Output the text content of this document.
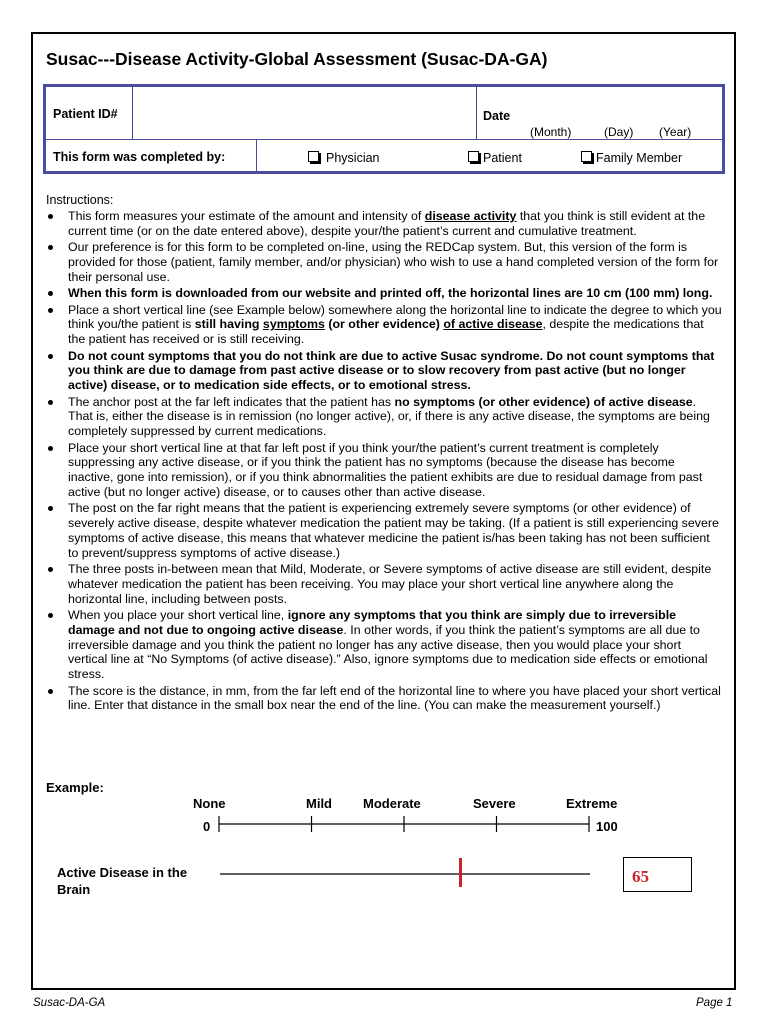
Susac---Disease Activity-Global Assessment (Susac-DA-GA)
Patient ID#	Date
(Month)	(Day) (Year)
This form was completed by:	Physician	Patient	Family Member
Instructions:
This form measures your estimate of the amount and intensity of disease activity that you think is still evident at the current time (or on the date entered above), despite your/the patient’s current and cumulative treatment.
Our preference is for this form to be completed on-line, using the REDCap system. But, this version of the form is provided for those (patient, family member, and/or physician) who wish to use a hand completed version of the form for their personal use.
When this form is downloaded from our website and printed off, the horizontal lines are 10 cm (100 mm) long.
Place a short vertical line (see Example below) somewhere along the horizontal line to indicate the degree to which you think you/the patient is still having symptoms (or other evidence) of active disease, despite the medications that the patient has received or is still receiving.
Do not count symptoms that you do not think are due to active Susac syndrome. Do not count symptoms that you think are due to damage from past active disease or to slow recovery from past active (but no longer active) disease, or to medication side effects, or to emotional stress.
The anchor post at the far left indicates that the patient has no symptoms (or other evidence) of active disease. That is, either the disease is in remission (no longer active), or, if there is any active disease, the symptoms are being completely suppressed by current medications.
Place your short vertical line at that far left post if you think your/the patient’s current treatment is completely suppressing any active disease, or if you think the patient has no symptoms (because the disease has become inactive, gone into remission), or if you think abnormalities the patient exhibits are due to residual damage from past active (but no longer active) disease, or to causes other than active disease.
The post on the far right means that the patient is experiencing extremely severe symptoms (or other evidence) of severely active disease, despite whatever medication the patient may be taking. (If a patient is still experiencing severe symptoms of active disease, this means that whatever medicine the patient is/has been taking has not been sufficient to prevent/suppress symptoms of active disease.)
The three posts in-between mean that Mild, Moderate, or Severe symptoms of active disease are still evident, despite whatever medication the patient has been receiving. You may place your short vertical line anywhere along the horizontal line, including between posts.
When you place your short vertical line, ignore any symptoms that you think are simply due to irreversible damage and not due to ongoing active disease. In other words, if you think the patient’s symptoms are all due to irreversible damage and you think the patient no longer has any active disease, then you would place your short vertical line at “No Symptoms (of active disease).” Also, ignore symptoms due to medication side effects or emotional stress.
The score is the distance, in mm, from the far left end of the horizontal line to where you have placed your short vertical line. Enter that distance in the small box near the end of the line. (You can make the measurement yourself.)
Example:
None	Mild Moderate	Severe	Extreme
0	100
Active Disease in the Brain
65
Susac-DA-GA	Page 1
